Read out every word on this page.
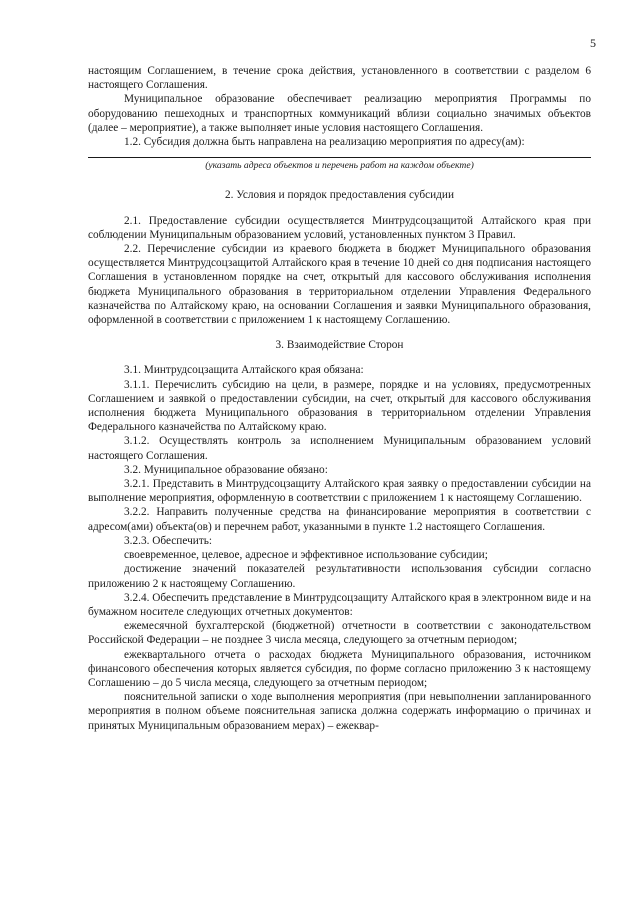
5

настоящим Соглашением, в течение срока действия, установленного в соответствии с разделом 6 настоящего Соглашения.

Муниципальное образование обеспечивает реализацию мероприятия Программы по оборудованию пешеходных и транспортных коммуникаций вблизи социально значимых объектов (далее – мероприятие), а также выполняет иные условия настоящего Соглашения.

1.2. Субсидия должна быть направлена на реализацию мероприятия по адресу(ам):

(указать адреса объектов и перечень работ на каждом объекте)

2. Условия и порядок предоставления субсидии

2.1. Предоставление субсидии осуществляется Минтрудсоцзащитой Алтайского края при соблюдении Муниципальным образованием условий, установленных пунктом 3 Правил.

2.2. Перечисление субсидии из краевого бюджета в бюджет Муниципального образования осуществляется Минтрудсоцзащитой Алтайского края в течение 10 дней со дня подписания настоящего Соглашения в установленном порядке на счет, открытый для кассового обслуживания исполнения бюджета Муниципального образования в территориальном отделении Управления Федерального казначейства по Алтайскому краю, на основании Соглашения и заявки Муниципального образования, оформленной в соответствии с приложением 1 к настоящему Соглашению.

3. Взаимодействие Сторон

3.1. Минтрудсоцзащита Алтайского края обязана:

3.1.1. Перечислить субсидию на цели, в размере, порядке и на условиях, предусмотренных Соглашением и заявкой о предоставлении субсидии, на счет, открытый для кассового обслуживания исполнения бюджета Муниципального образования в территориальном отделении Управления Федерального казначейства по Алтайскому краю.

3.1.2. Осуществлять контроль за исполнением Муниципальным образованием условий настоящего Соглашения.

3.2. Муниципальное образование обязано:

3.2.1. Представить в Минтрудсоцзащиту Алтайского края заявку о предоставлении субсидии на выполнение мероприятия, оформленную в соответствии с приложением 1 к настоящему Соглашению.

3.2.2. Направить полученные средства на финансирование мероприятия в соответствии с адресом(ами) объекта(ов) и перечнем работ, указанными в пункте 1.2 настоящего Соглашения.

3.2.3. Обеспечить:

своевременное, целевое, адресное и эффективное использование субсидии;

достижение значений показателей результативности использования субсидии согласно приложению 2 к настоящему Соглашению.

3.2.4. Обеспечить представление в Минтрудсоцзащиту Алтайского края в электронном виде и на бумажном носителе следующих отчетных документов:

ежемесячной бухгалтерской (бюджетной) отчетности в соответствии с законодательством Российской Федерации – не позднее 3 числа месяца, следующего за отчетным периодом;

ежеквартального отчета о расходах бюджета Муниципального образования, источником финансового обеспечения которых является субсидия, по форме согласно приложению 3 к настоящему Соглашению – до 5 числа месяца, следующего за отчетным периодом;

пояснительной записки о ходе выполнения мероприятия (при невыполнении запланированного мероприятия в полном объеме пояснительная записка должна содержать информацию о причинах и принятых Муниципальным образованием мерах) – ежеквар-
